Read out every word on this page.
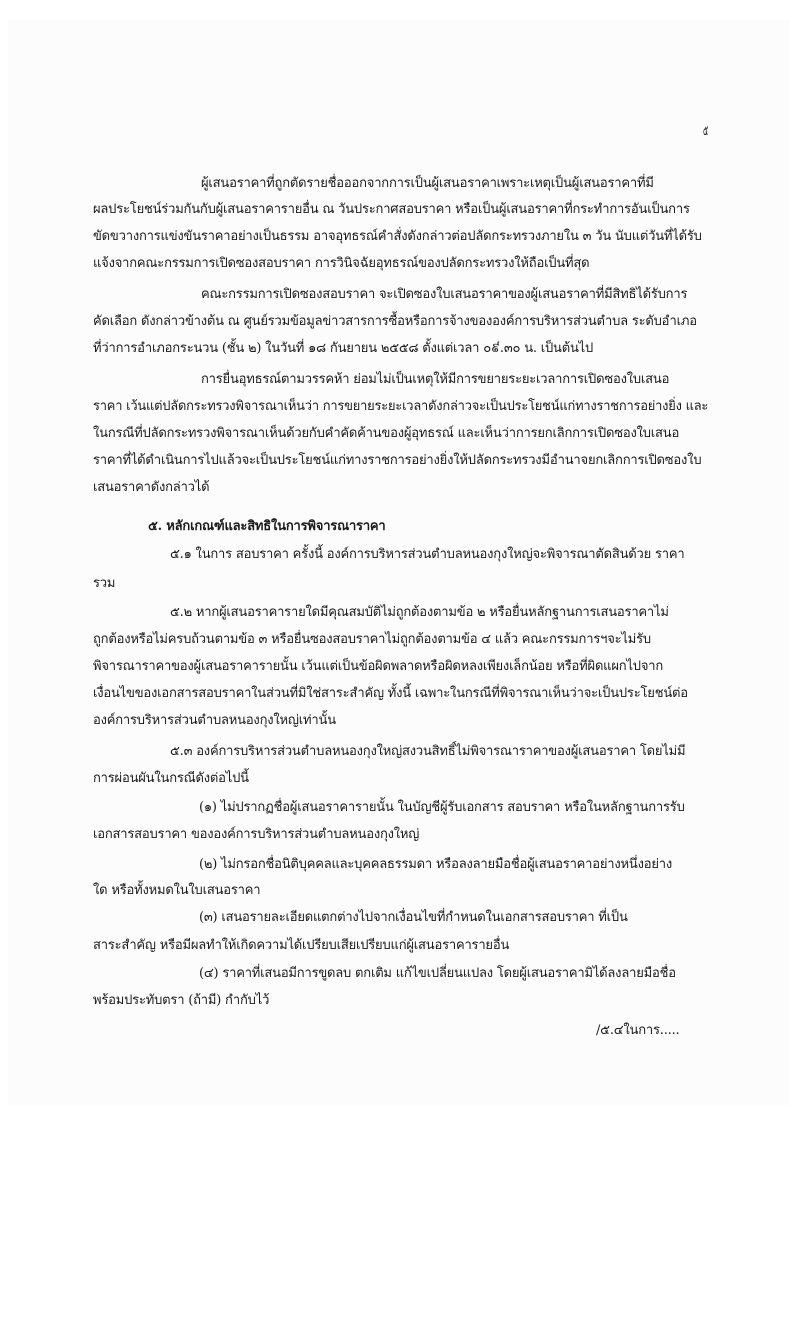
๕
ผู้เสนอราคาที่ถูกตัดรายชื่อออกจากการเป็นผู้เสนอราคาเพราะเหตุเป็นผู้เสนอราคาที่มี
ผลประโยชน์ร่วมกันกับผู้เสนอราคารายอื่น ณ วันประกาศสอบราคา หรือเป็นผู้เสนอราคาที่กระทำการอันเป็นการ
ขัดขวางการแข่งขันราคาอย่างเป็นธรรม อาจอุทธรณ์คำสั่งดังกล่าวต่อปลัดกระทรวงภายใน ๓ วัน นับแต่วันที่ได้รับ
แจ้งจากคณะกรรมการเปิดซองสอบราคา การวินิจฉัยอุทธรณ์ของปลัดกระทรวงให้ถือเป็นที่สุด
คณะกรรมการเปิดซองสอบราคา จะเปิดซองใบเสนอราคาของผู้เสนอราคาที่มีสิทธิได้รับการ
คัดเลือก ดังกล่าวข้างต้น ณ ศูนย์รวมข้อมูลข่าวสารการซื้อหรือการจ้างขององค์การบริหารส่วนตำบล ระดับอำเภอ
ที่ว่าการอำเภอกระนวน (ชั้น ๒) ในวันที่ ๑๘ กันยายน ๒๕๕๘ ตั้งแต่เวลา ๐៩.๓๐ น. เป็นต้นไป
การยื่นอุทธรณ์ตามวรรคห้า ย่อมไม่เป็นเหตุให้มีการขยายระยะเวลาการเปิดซองใบเสนอ
ราคา เว้นแต่ปลัดกระทรวงพิจารณาเห็นว่า การขยายระยะเวลาดังกล่าวจะเป็นประโยชน์แก่ทางราชการอย่างยิ่ง และ
ในกรณีที่ปลัดกระทรวงพิจารณาเห็นด้วยกับคำคัดค้านของผู้อุทธรณ์ และเห็นว่าการยกเลิกการเปิดซองใบเสนอ
ราคาที่ได้ดำเนินการไปแล้วจะเป็นประโยชน์แก่ทางราชการอย่างยิ่งให้ปลัดกระทรวงมีอำนาจยกเลิกการเปิดซองใบ
เสนอราคาดังกล่าวได้
๕. หลักเกณฑ์และสิทธิในการพิจารณาราคา
๕.๑ ในการ สอบราคา ครั้งนี้ องค์การบริหารส่วนตำบลหนองกุงใหญ่จะพิจารณาตัดสินด้วย ราคา
รวม
๕.๒ หากผู้เสนอราคารายใดมีคุณสมบัติไม่ถูกต้องตามข้อ ๒ หรือยื่นหลักฐานการเสนอราคาไม่
ถูกต้องหรือไม่ครบถ้วนตามข้อ ๓ หรือยื่นซองสอบราคาไม่ถูกต้องตามข้อ ๔ แล้ว คณะกรรมการฯจะไม่รับ
พิจารณาราคาของผู้เสนอราคารายนั้น เว้นแต่เป็นข้อผิดพลาดหรือผิดหลงเพียงเล็กน้อย หรือที่ผิดแผกไปจาก
เงื่อนไขของเอกสารสอบราคาในส่วนที่มิใช่สาระสำคัญ ทั้งนี้ เฉพาะในกรณีที่พิจารณาเห็นว่าจะเป็นประโยชน์ต่อ
องค์การบริหารส่วนตำบลหนองกุงใหญ่เท่านั้น
๕.๓ องค์การบริหารส่วนตำบลหนองกุงใหญ่สงวนสิทธิ์ไม่พิจารณาราคาของผู้เสนอราคา โดยไม่มี
การผ่อนผันในกรณีดังต่อไปนี้
(๑) ไม่ปรากฏชื่อผู้เสนอราคารายนั้น ในบัญชีผู้รับเอกสาร สอบราคา หรือในหลักฐานการรับ
เอกสารสอบราคา ขององค์การบริหารส่วนตำบลหนองกุงใหญ่
(๒) ไม่กรอกชื่อนิติบุคคลและบุคคลธรรมดา หรือลงลายมือชื่อผู้เสนอราคาอย่างหนึ่งอย่าง
ใด หรือทั้งหมดในใบเสนอราคา
(๓) เสนอรายละเอียดแตกต่างไปจากเงื่อนไขที่กำหนดในเอกสารสอบราคา ที่เป็น
สาระสำคัญ หรือมีผลทำให้เกิดความได้เปรียบเสียเปรียบแก่ผู้เสนอราคารายอื่น
(๔) ราคาที่เสนอมีการขูดลบ ตกเติม แก้ไขเปลี่ยนแปลง โดยผู้เสนอราคามิได้ลงลายมือชื่อ
พร้อมประทับตรา (ถ้ามี) กำกับไว้
/๕.๔ในการ.....
